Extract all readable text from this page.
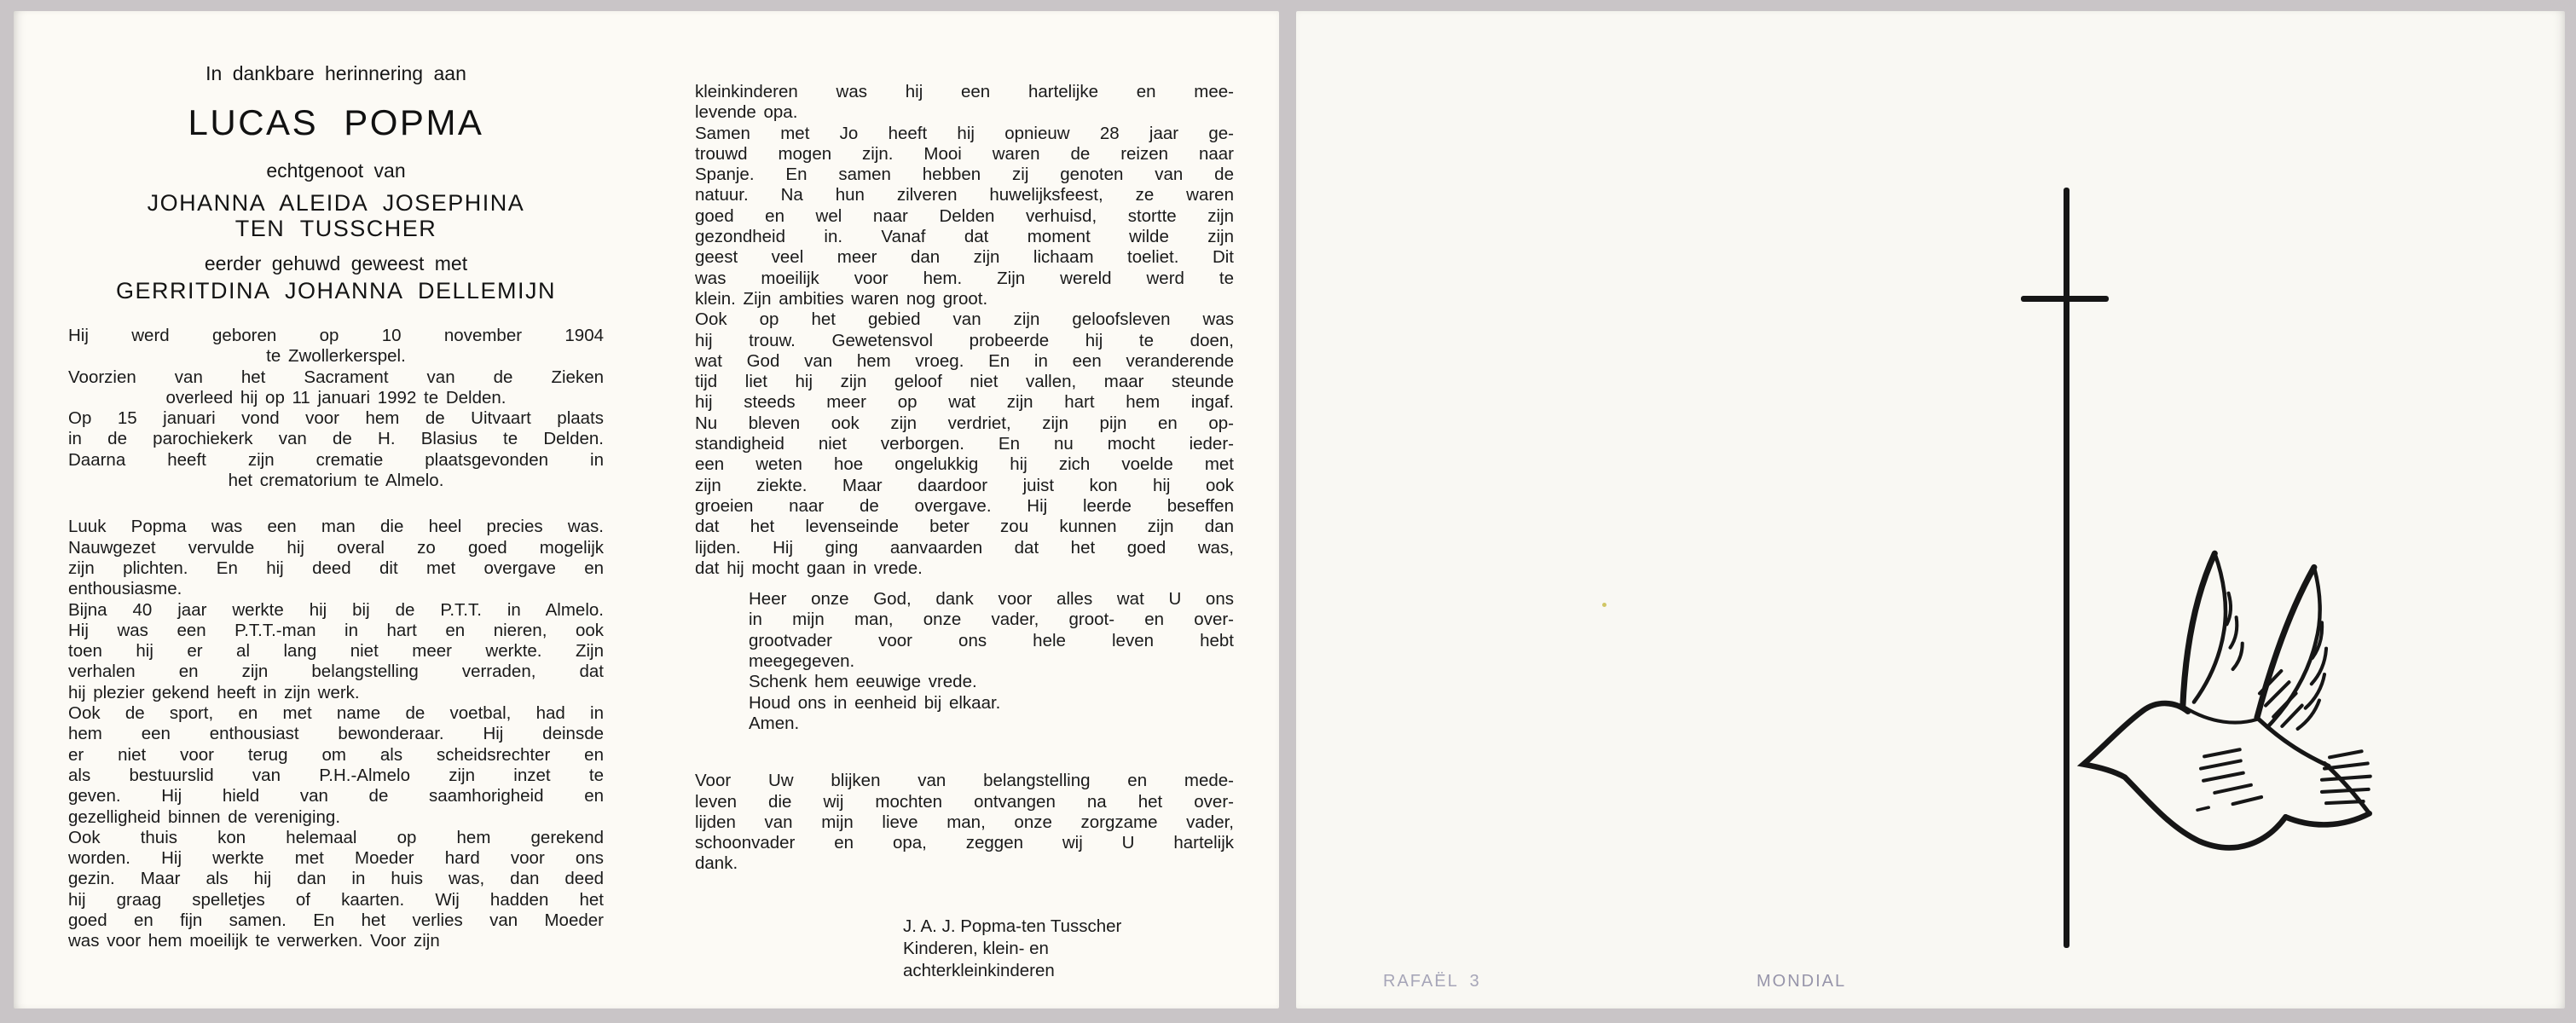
In dankbare herinnering aan
LUCAS POPMA
echtgenoot van
JOHANNA ALEIDA JOSEPHINA
TEN TUSSCHER
eerder gehuwd geweest met
GERRITDINA JOHANNA DELLEMIJN
Hij werd geboren op 10 november 1904
te Zwollerkerspel.
Voorzien van het Sacrament van de Zieken
overleed hij op 11 januari 1992 te Delden.
Op 15 januari vond voor hem de Uitvaart plaats
in de parochiekerk van de H. Blasius te Delden.
Daarna heeft zijn crematie plaatsgevonden in
het crematorium te Almelo.
Luuk Popma was een man die heel precies was.
Nauwgezet vervulde hij overal zo goed mogelijk
zijn plichten. En hij deed dit met overgave en
enthousiasme.
Bijna 40 jaar werkte hij bij de P.T.T. in Almelo.
Hij was een P.T.T.-man in hart en nieren, ook
toen hij er al lang niet meer werkte. Zijn
verhalen en zijn belangstelling verraden, dat
hij plezier gekend heeft in zijn werk.
Ook de sport, en met name de voetbal, had in
hem een enthousiast bewonderaar. Hij deinsde
er niet voor terug om als scheidsrechter en
als bestuurslid van P.H.-Almelo zijn inzet te
geven. Hij hield van de saamhorigheid en
gezelligheid binnen de vereniging.
Ook thuis kon helemaal op hem gerekend
worden. Hij werkte met Moeder hard voor ons
gezin. Maar als hij dan in huis was, dan deed
hij graag spelletjes of kaarten. Wij hadden het
goed en fijn samen. En het verlies van Moeder
was voor hem moeilijk te verwerken. Voor zijn
kleinkinderen was hij een hartelijke en mee-
levende opa.
Samen met Jo heeft hij opnieuw 28 jaar ge-
trouwd mogen zijn. Mooi waren de reizen naar
Spanje. En samen hebben zij genoten van de
natuur. Na hun zilveren huwelijksfeest, ze waren
goed en wel naar Delden verhuisd, stortte zijn
gezondheid in. Vanaf dat moment wilde zijn
geest veel meer dan zijn lichaam toeliet. Dit
was moeilijk voor hem. Zijn wereld werd te
klein. Zijn ambities waren nog groot.
Ook op het gebied van zijn geloofsleven was
hij trouw. Gewetensvol probeerde hij te doen,
wat God van hem vroeg. En in een veranderende
tijd liet hij zijn geloof niet vallen, maar steunde
hij steeds meer op wat zijn hart hem ingaf.
Nu bleven ook zijn verdriet, zijn pijn en op-
standigheid niet verborgen. En nu mocht ieder-
een weten hoe ongelukkig hij zich voelde met
zijn ziekte. Maar daardoor juist kon hij ook
groeien naar de overgave. Hij leerde beseffen
dat het levenseinde beter zou kunnen zijn dan
lijden. Hij ging aanvaarden dat het goed was,
dat hij mocht gaan in vrede.
Heer onze God, dank voor alles wat U ons
in mijn man, onze vader, groot- en over-
grootvader voor ons hele leven hebt
meegegeven.
Schenk hem eeuwige vrede.
Houd ons in eenheid bij elkaar.
Amen.
Voor Uw blijken van belangstelling en mede-
leven die wij mochten ontvangen na het over-
lijden van mijn lieve man, onze zorgzame vader,
schoonvader en opa, zeggen wij U hartelijk
dank.
J. A. J. Popma-ten Tusscher
Kinderen, klein- en
achterkleinkinderen
RAFAËL 3	MONDIAL
